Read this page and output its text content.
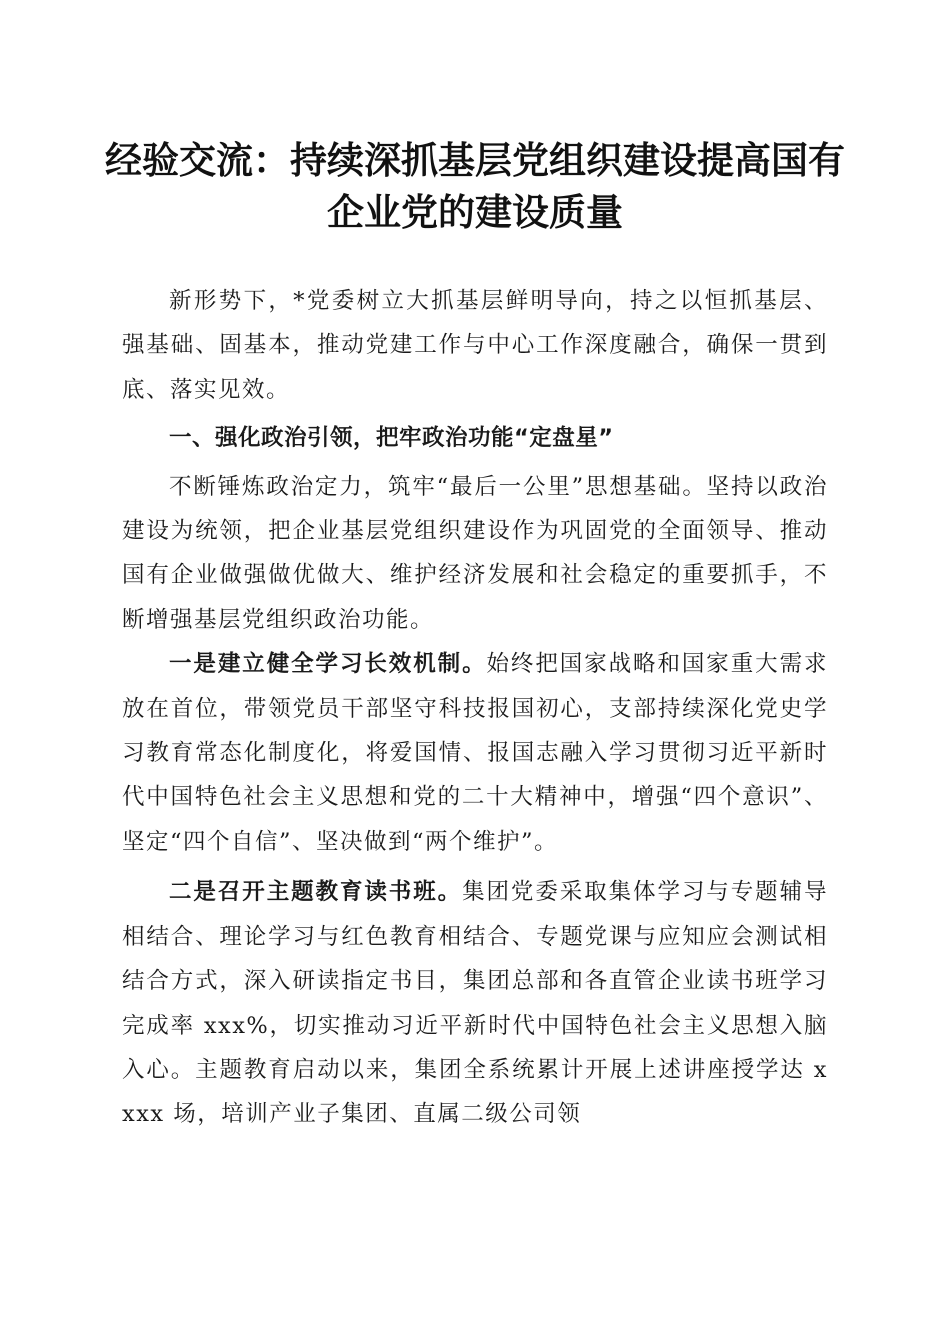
经验交流：持续深抓基层党组织建设提高国有
企业党的建设质量

新形势下，*党委树立大抓基层鲜明导向，持之以恒抓基层、强基础、固基本，推动党建工作与中心工作深度融合，确保一贯到底、落实见效。

一、强化政治引领，把牢政治功能“定盘星”

不断锤炼政治定力，筑牢“最后一公里”思想基础。坚持以政治建设为统领，把企业基层党组织建设作为巩固党的全面领导、推动国有企业做强做优做大、维护经济发展和社会稳定的重要抓手，不断增强基层党组织政治功能。

一是建立健全学习长效机制。始终把国家战略和国家重大需求放在首位，带领党员干部坚守科技报国初心，支部持续深化党史学习教育常态化制度化，将爱国情、报国志融入学习贯彻习近平新时代中国特色社会主义思想和党的二十大精神中，增强“四个意识”、坚定“四个自信”、坚决做到“两个维护”。

二是召开主题教育读书班。集团党委采取集体学习与专题辅导相结合、理论学习与红色教育相结合、专题党课与应知应会测试相结合方式，深入研读指定书目，集团总部和各直管企业读书班学习完成率 xxx%，切实推动习近平新时代中国特色社会主义思想入脑入心。主题教育启动以来，集团全系统累计开展上述讲座授学达 xxxx 场，培训产业子集团、直属二级公司领
